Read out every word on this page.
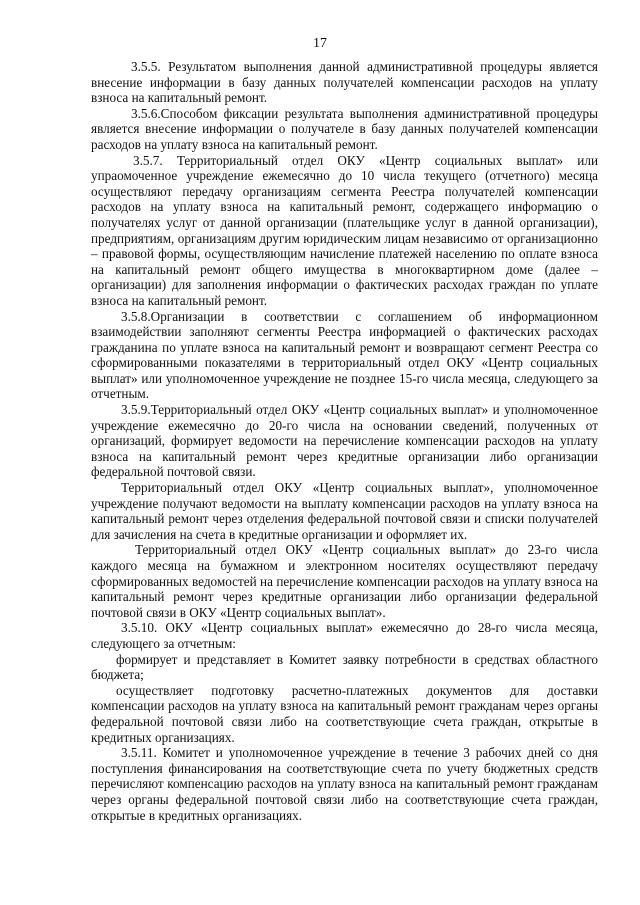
17

3.5.5. Результатом выполнения данной административной процедуры является внесение информации в базу данных получателей компенсации расходов на уплату взноса на капитальный ремонт.

3.5.6.Способом фиксации результата выполнения административной процедуры является внесение информации о получателе в базу данных получателей компенсации расходов на уплату взноса на капитальный ремонт.

3.5.7. Территориальный отдел ОКУ «Центр социальных выплат» или упраомоченное учреждение ежемесячно до 10 числа текущего (отчетного) месяца осуществляют передачу организациям сегмента Реестра получателей компенсации расходов на уплату взноса на капитальный ремонт, содержащего информацию о получателях услуг от данной организации (плательщике услуг в данной организации), предприятиям, организациям другим юридическим лицам независимо от организационно – правовой формы, осуществляющим начисление платежей населению по оплате взноса на капитальный ремонт общего имущества в многоквартирном доме (далее – организации) для заполнения информации о фактических расходах граждан по уплате взноса на капитальный ремонт.

3.5.8.Организации в соответствии с соглашением об информационном взаимодействии заполняют сегменты Реестра информацией о фактических расходах гражданина по уплате взноса на капитальный ремонт и возвращают сегмент Реестра со сформированными показателями в территориальный отдел ОКУ «Центр социальных выплат» или уполномоченное учреждение не позднее 15-го числа месяца, следующего за отчетным.

3.5.9.Территориальный отдел ОКУ «Центр социальных выплат» и уполномоченное учреждение ежемесячно до 20-го числа на основании сведений, полученных от организаций, формирует ведомости на перечисление компенсации расходов на уплату взноса на капитальный ремонт через кредитные организации либо организации федеральной почтовой связи.

Территориальный отдел ОКУ «Центр социальных выплат», уполномоченное учреждение получают ведомости на выплату компенсации расходов на уплату взноса на капитальный ремонт через отделения федеральной почтовой связи и списки получателей для зачисления на счета в кредитные организации и оформляет их.

Территориальный отдел ОКУ «Центр социальных выплат» до 23-го числа каждого месяца на бумажном и электронном носителях осуществляют передачу сформированных ведомостей на перечисление компенсации расходов на уплату взноса на капитальный ремонт через кредитные организации либо организации федеральной почтовой связи в ОКУ «Центр социальных выплат».

3.5.10. ОКУ «Центр социальных выплат» ежемесячно до 28-го числа месяца, следующего за отчетным:

формирует и представляет в Комитет заявку потребности в средствах областного бюджета;

осуществляет подготовку расчетно-платежных документов для доставки компенсации расходов на уплату взноса на капитальный ремонт гражданам через органы федеральной почтовой связи либо на соответствующие счета граждан, открытые в кредитных организациях.

3.5.11. Комитет и уполномоченное учреждение в течение 3 рабочих дней со дня поступления финансирования на соответствующие счета по учету бюджетных средств перечисляют компенсацию расходов на уплату взноса на капитальный ремонт гражданам через органы федеральной почтовой связи либо на соответствующие счета граждан, открытые в кредитных организациях.
